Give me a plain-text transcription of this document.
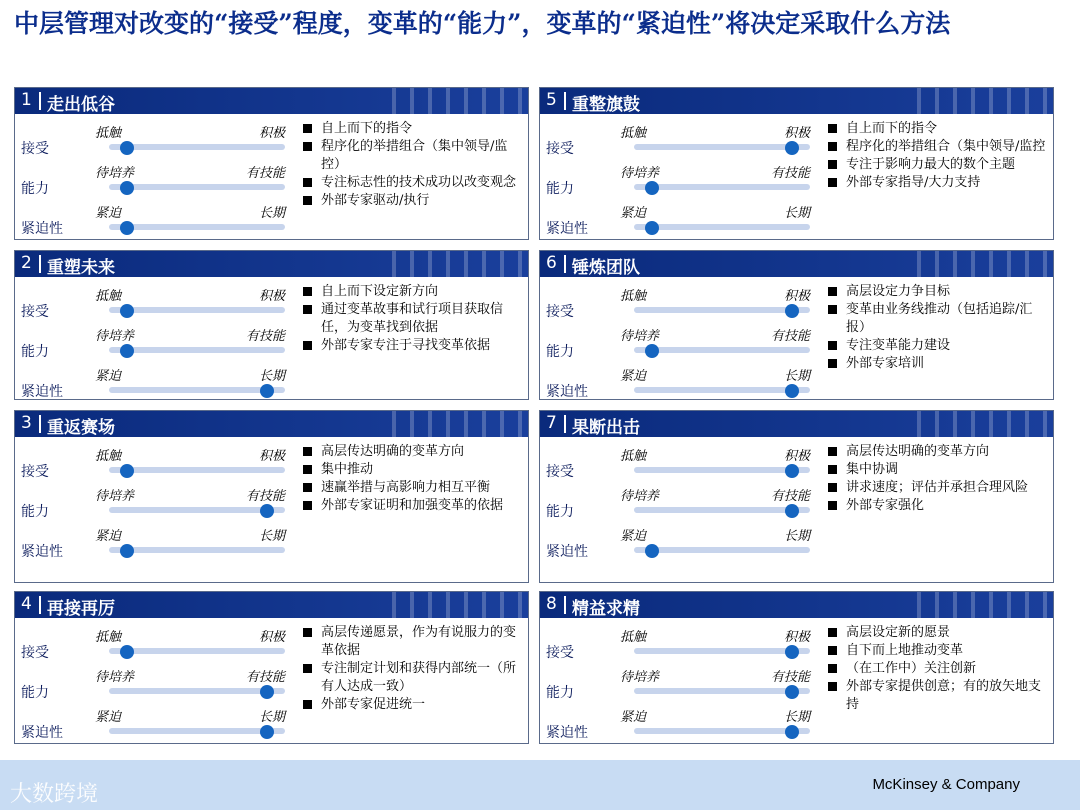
中层管理对改变的“接受”程度，变革的“能力”，变革的“紧迫性”将决定采取什么方法
1 走出低谷
接受
抵触	积极
能力
待培养	有技能
紧迫性
紧迫	长期
自上而下的指令
程序化的举措组合（集中领导/监控）
专注标志性的技术成功以改变观念
外部专家驱动/执行
2 重塑未来
接受
抵触	积极
能力
待培养	有技能
紧迫性
紧迫	长期
自上而下设定新方向
通过变革故事和试行项目获取信任，为变革找到依据
外部专家专注于寻找变革依据
3 重返赛场
接受
抵触	积极
能力
待培养	有技能
紧迫性
紧迫	长期
高层传达明确的变革方向
集中推动
速赢举措与高影响力相互平衡
外部专家证明和加强变革的依据
4 再接再厉
接受
抵触	积极
能力
待培养	有技能
紧迫性
紧迫	长期
高层传递愿景，作为有说服力的变革依据
专注制定计划和获得内部统一（所有人达成一致）
外部专家促进统一
5 重整旗鼓
接受
抵触	积极
能力
待培养	有技能
紧迫性
紧迫	长期
自上而下的指令
程序化的举措组合（集中领导/监控
专注于影响力最大的数个主题
外部专家指导/大力支持
6 锤炼团队
接受
抵触	积极
能力
待培养	有技能
紧迫性
紧迫	长期
高层设定力争目标
变革由业务线推动（包括追踪/汇报）
专注变革能力建设
外部专家培训
7 果断出击
接受
抵触	积极
能力
待培养	有技能
紧迫性
紧迫	长期
高层传达明确的变革方向
集中协调
讲求速度；评估并承担合理风险
外部专家强化
8 精益求精
接受
抵触	积极
能力
待培养	有技能
紧迫性
紧迫	长期
高层设定新的愿景
自下而上地推动变革
（在工作中）关注创新
外部专家提供创意；有的放矢地支持
大数跨境	McKinsey & Company
